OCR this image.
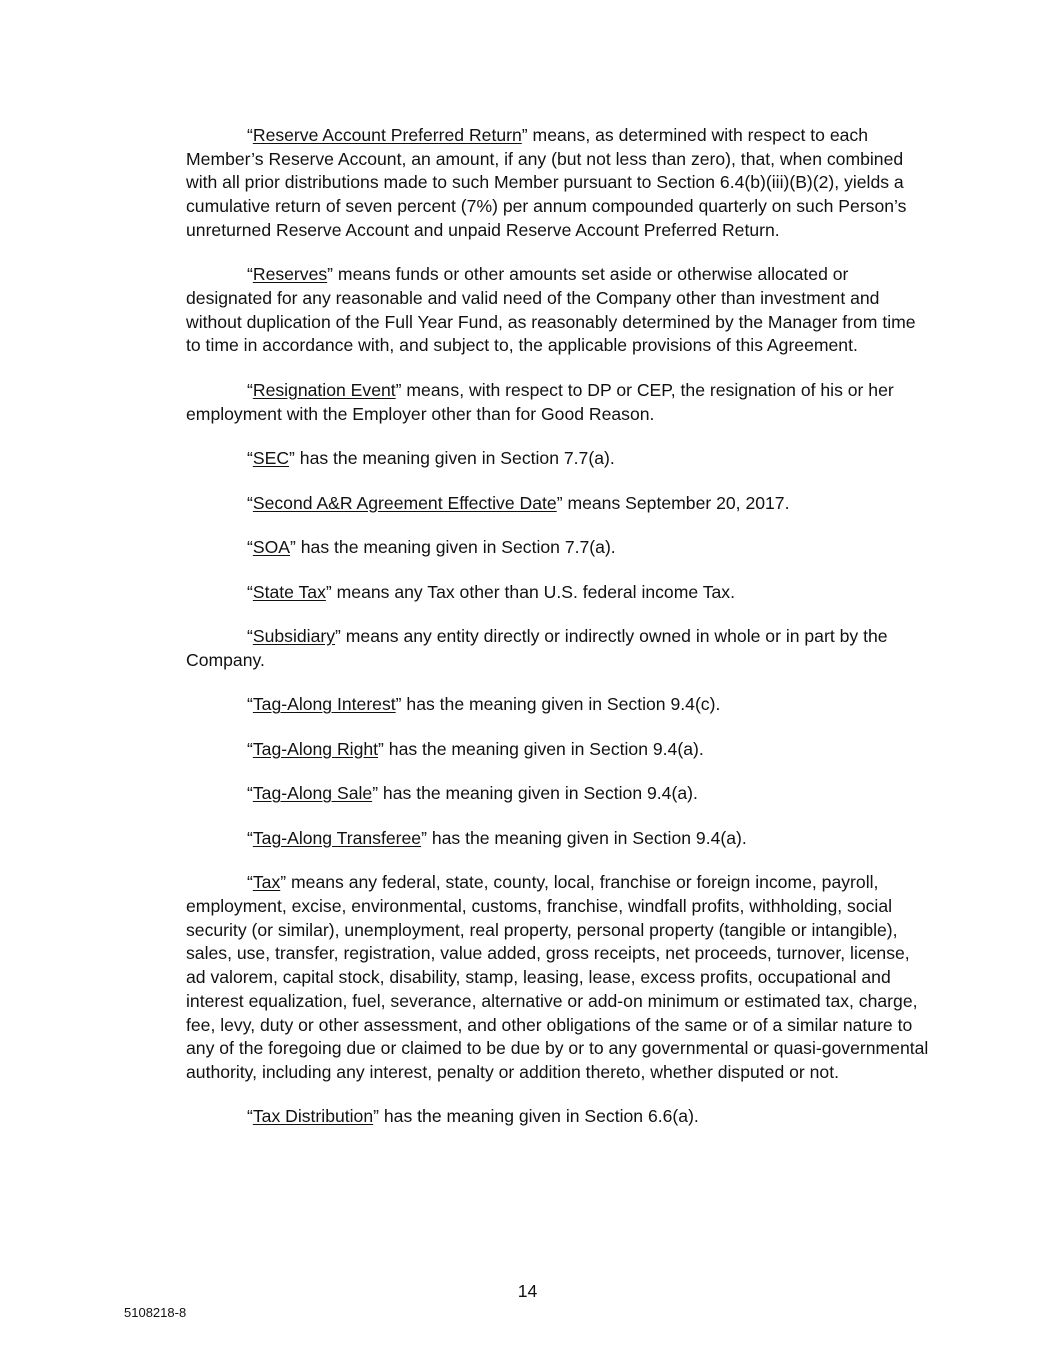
“Reserve Account Preferred Return” means, as determined with respect to each Member’s Reserve Account, an amount, if any (but not less than zero), that, when combined with all prior distributions made to such Member pursuant to Section 6.4(b)(iii)(B)(2), yields a cumulative return of seven percent (7%) per annum compounded quarterly on such Person’s unreturned Reserve Account and unpaid Reserve Account Preferred Return.

“Reserves” means funds or other amounts set aside or otherwise allocated or designated for any reasonable and valid need of the Company other than investment and without duplication of the Full Year Fund, as reasonably determined by the Manager from time to time in accordance with, and subject to, the applicable provisions of this Agreement.

“Resignation Event” means, with respect to DP or CEP, the resignation of his or her employment with the Employer other than for Good Reason.

“SEC” has the meaning given in Section 7.7(a).

“Second A&R Agreement Effective Date” means September 20, 2017.

“SOA” has the meaning given in Section 7.7(a).

“State Tax” means any Tax other than U.S. federal income Tax.

“Subsidiary” means any entity directly or indirectly owned in whole or in part by the Company.

“Tag-Along Interest” has the meaning given in Section 9.4(c).

“Tag-Along Right” has the meaning given in Section 9.4(a).

“Tag-Along Sale” has the meaning given in Section 9.4(a).

“Tag-Along Transferee” has the meaning given in Section 9.4(a).

“Tax” means any federal, state, county, local, franchise or foreign income, payroll, employment, excise, environmental, customs, franchise, windfall profits, withholding, social security (or similar), unemployment, real property, personal property (tangible or intangible), sales, use, transfer, registration, value added, gross receipts, net proceeds, turnover, license, ad valorem, capital stock, disability, stamp, leasing, lease, excess profits, occupational and interest equalization, fuel, severance, alternative or add-on minimum or estimated tax, charge, fee, levy, duty or other assessment, and other obligations of the same or of a similar nature to any of the foregoing due or claimed to be due by or to any governmental or quasi-governmental authority, including any interest, penalty or addition thereto, whether disputed or not.

“Tax Distribution” has the meaning given in Section 6.6(a).

14
5108218-8
